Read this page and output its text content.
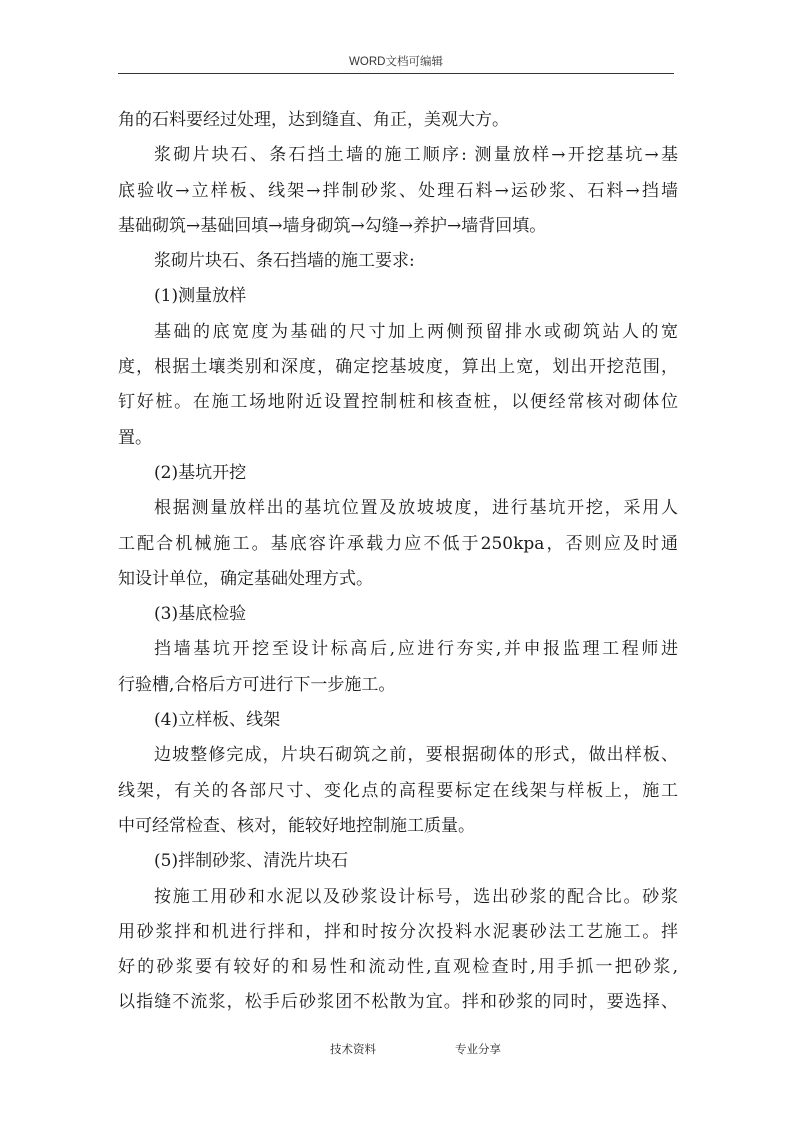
WORD文档可编辑
角的石料要经过处理，达到缝直、角正，美观大方。
浆砌片块石、条石挡土墙的施工顺序: 测量放样→开挖基坑→基
底验收→立样板、线架→拌制砂浆、处理石料→运砂浆、石料→挡墙
基础砌筑→基础回填→墙身砌筑→勾缝→养护→墙背回填。
浆砌片块石、条石挡墙的施工要求:
(1)测量放样
基础的底宽度为基础的尺寸加上两侧预留排水或砌筑站人的宽
度，根据土壤类别和深度，确定挖基坡度，算出上宽，划出开挖范围，
钉好桩。在施工场地附近设置控制桩和核查桩，以便经常核对砌体位
置。
(2)基坑开挖
根据测量放样出的基坑位置及放坡坡度，进行基坑开挖，采用人
工配合机械施工。基底容许承载力应不低于250kpa，否则应及时通
知设计单位，确定基础处理方式。
(3)基底检验
挡墙基坑开挖至设计标高后,应进行夯实,并申报监理工程师进
行验槽,合格后方可进行下一步施工。
(4)立样板、线架
边坡整修完成，片块石砌筑之前，要根据砌体的形式，做出样板、
线架，有关的各部尺寸、变化点的高程要标定在线架与样板上，施工
中可经常检查、核对，能较好地控制施工质量。
(5)拌制砂浆、清洗片块石
按施工用砂和水泥以及砂浆设计标号，选出砂浆的配合比。砂浆
用砂浆拌和机进行拌和，拌和时按分次投料水泥裹砂法工艺施工。拌
好的砂浆要有较好的和易性和流动性,直观检查时,用手抓一把砂浆,
以指缝不流浆，松手后砂浆团不松散为宜。拌和砂浆的同时，要选择、
技术资料	专业分享
